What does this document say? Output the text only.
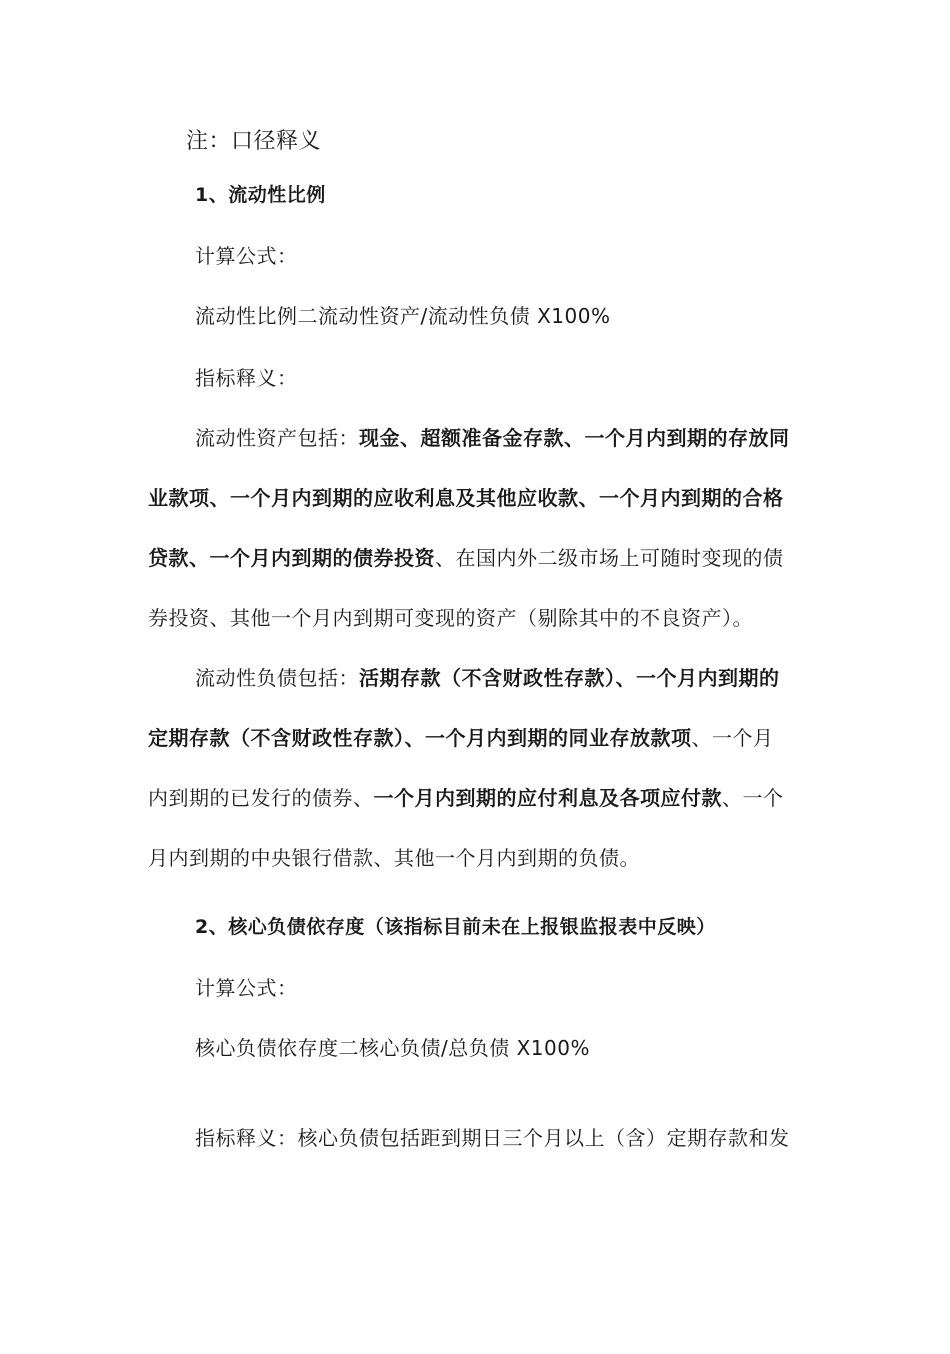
注：口径释义
1、流动性比例
计算公式：
流动性比例二流动性资产/流动性负债 X100%
指标释义：
流动性资产包括：现金、超额准备金存款、一个月内到期的存放同
业款项、一个月内到期的应收利息及其他应收款、一个月内到期的合格
贷款、一个月内到期的债券投资、在国内外二级市场上可随时变现的债
券投资、其他一个月内到期可变现的资产（剔除其中的不良资产）。
流动性负债包括：活期存款（不含财政性存款）、一个月内到期的
定期存款（不含财政性存款）、一个月内到期的同业存放款项、一个月
内到期的已发行的债券、一个月内到期的应付利息及各项应付款、一个
月内到期的中央银行借款、其他一个月内到期的负债。
2、核心负债依存度（该指标目前未在上报银监报表中反映）
计算公式：
核心负债依存度二核心负债/总负债 X100%
指标释义：核心负债包括距到期日三个月以上（含）定期存款和发
